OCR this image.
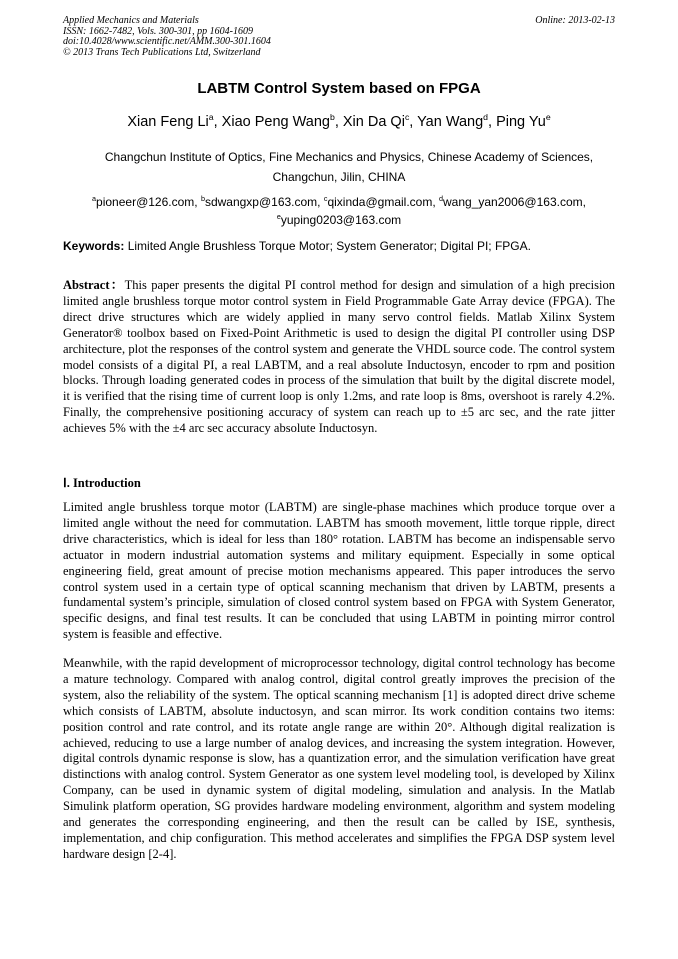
Applied Mechanics and Materials
ISSN: 1662-7482, Vols. 300-301, pp 1604-1609
doi:10.4028/www.scientific.net/AMM.300-301.1604
© 2013 Trans Tech Publications Ltd, Switzerland
Online: 2013-02-13
LABTM Control System based on FPGA
Xian Feng Li$^a$, Xiao Peng Wang$^b$, Xin Da Qi$^c$, Yan Wang$^d$, Ping Yu$^e$
Changchun Institute of Optics, Fine Mechanics and Physics, Chinese Academy of Sciences,
Changchun, Jilin, CHINA
$^a$pioneer@126.com, $^b$sdwangxp@163.com, $^c$qixinda@gmail.com, $^d$wang_yan2006@163.com,
$^e$yuping0203@163.com
Keywords: Limited Angle Brushless Torque Motor; System Generator; Digital PI; FPGA.

Abstract：This paper presents the digital PI control method for design and simulation of a high precision limited angle brushless torque motor control system in Field Programmable Gate Array device (FPGA). The direct drive structures which are widely applied in many servo control fields. Matlab Xilinx System Generator® toolbox based on Fixed-Point Arithmetic is used to design the digital PI controller using DSP architecture, plot the responses of the control system and generate the VHDL source code. The control system model consists of a digital PI, a real LABTM, and a real absolute Inductosyn, encoder to rpm and position blocks. Through loading generated codes in process of the simulation that built by the digital discrete model, it is verified that the rising time of current loop is only 1.2ms, and rate loop is 8ms, overshoot is rarely 4.2%. Finally, the comprehensive positioning accuracy of system can reach up to ±5 arc sec, and the rate jitter achieves 5% with the ±4 arc sec accuracy absolute Inductosyn.

Ⅰ. Introduction

Limited angle brushless torque motor (LABTM) are single-phase machines which produce torque over a limited angle without the need for commutation. LABTM has smooth movement, little torque ripple, direct drive characteristics, which is ideal for less than 180° rotation. LABTM has become an indispensable servo actuator in modern industrial automation systems and military equipment. Especially in some optical engineering field, great amount of precise motion mechanisms appeared. This paper introduces the servo control system used in a certain type of optical scanning mechanism that driven by LABTM, presents a fundamental system’s principle, simulation of closed control system based on FPGA with System Generator, specific designs, and final test results. It can be concluded that using LABTM in pointing mirror control system is feasible and effective.

Meanwhile, with the rapid development of microprocessor technology, digital control technology has become a mature technology. Compared with analog control, digital control greatly improves the precision of the system, also the reliability of the system. The optical scanning mechanism [1] is adopted direct drive scheme which consists of LABTM, absolute inductosyn, and scan mirror. Its work condition contains two items: position control and rate control, and its rotate angle range are within 20°. Although digital realization is achieved, reducing to use a large number of analog devices, and increasing the system integration. However, digital controls dynamic response is slow, has a quantization error, and the simulation verification have great distinctions with analog control. System Generator as one system level modeling tool, is developed by Xilinx Company, can be used in dynamic system of digital modeling, simulation and analysis. In the Matlab Simulink platform operation, SG provides hardware modeling environment, algorithm and system modeling and generates the corresponding engineering, and then the result can be called by ISE, synthesis, implementation, and chip configuration. This method accelerates and simplifies the FPGA DSP system level hardware design [2-4].
